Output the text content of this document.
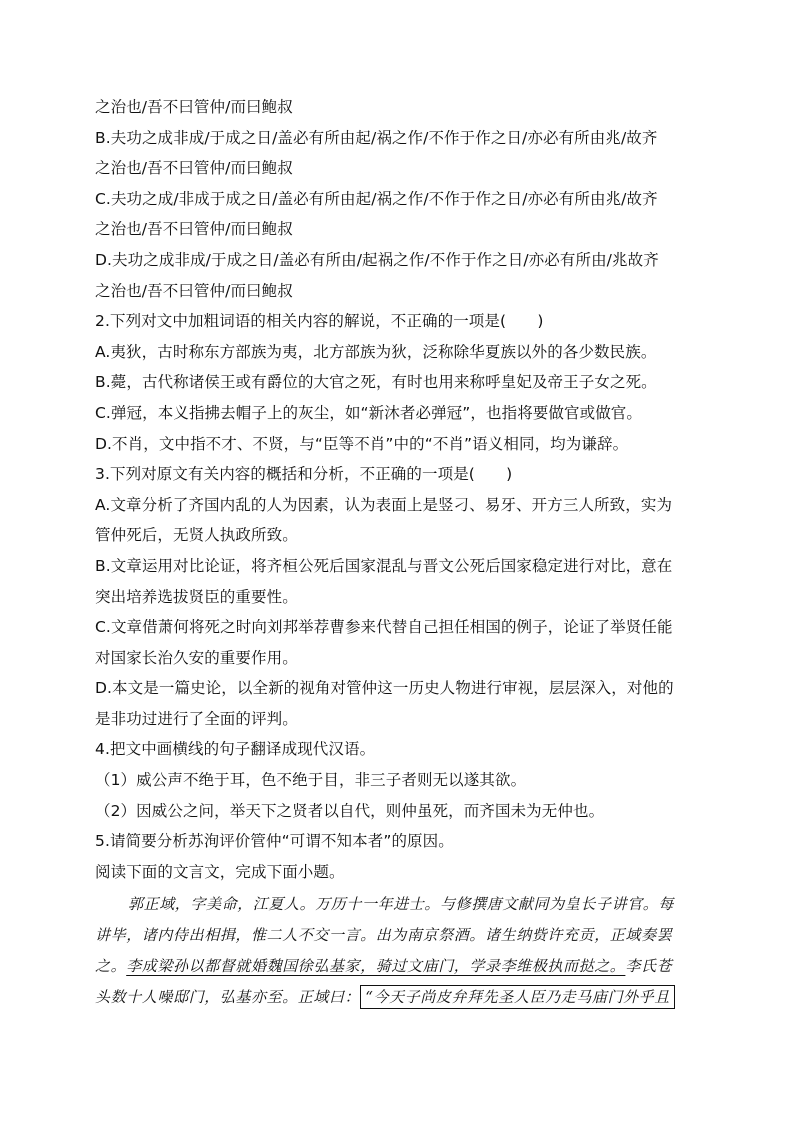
之治也/吾不曰管仲/而曰鲍叔
B.夫功之成非成/于成之日/盖必有所由起/祸之作/不作于作之日/亦必有所由兆/故齐
之治也/吾不曰管仲/而曰鲍叔
C.夫功之成/非成于成之日/盖必有所由起/祸之作/不作于作之日/亦必有所由兆/故齐
之治也/吾不曰管仲/而曰鲍叔
D.夫功之成非成/于成之日/盖必有所由/起祸之作/不作于作之日/亦必有所由/兆故齐
之治也/吾不曰管仲/而曰鲍叔
2.下列对文中加粗词语的相关内容的解说，不正确的一项是(　　)
A.夷狄，古时称东方部族为夷，北方部族为狄，泛称除华夏族以外的各少数民族。
B.薨，古代称诸侯王或有爵位的大官之死，有时也用来称呼皇妃及帝王子女之死。
C.弹冠，本义指拂去帽子上的灰尘，如“新沐者必弹冠”，也指将要做官或做官。
D.不肖，文中指不才、不贤，与“臣等不肖”中的“不肖”语义相同，均为谦辞。
3.下列对原文有关内容的概括和分析，不正确的一项是(　　)
A.文章分析了齐国内乱的人为因素，认为表面上是竖刁、易牙、开方三人所致，实为
管仲死后，无贤人执政所致。
B.文章运用对比论证，将齐桓公死后国家混乱与晋文公死后国家稳定进行对比，意在
突出培养选拔贤臣的重要性。
C.文章借萧何将死之时向刘邦举荐曹参来代替自己担任相国的例子，论证了举贤任能
对国家长治久安的重要作用。
D.本文是一篇史论，以全新的视角对管仲这一历史人物进行审视，层层深入，对他的
是非功过进行了全面的评判。
4.把文中画横线的句子翻译成现代汉语。
（1）威公声不绝于耳，色不绝于目，非三子者则无以遂其欲。
（2）因威公之问，举天下之贤者以自代，则仲虽死，而齐国未为无仲也。
5.请简要分析苏洵评价管仲“可谓不知本者”的原因。
阅读下面的文言文，完成下面小题。
郭正域，字美命，江夏人。万历十一年进士。与修撰唐文献同为皇长子讲官。每
讲毕，诸内侍出相揖，惟二人不交一言。出为南京祭酒。诸生纳赀许充贡，正域奏罢
之。李成梁孙以都督就婚魏国徐弘基家，骑过文庙门，学录李维极执而挞之。李氏苍
头数十人噪邸门，弘基亦至。正域曰： “今天子尚皮弁拜先圣人臣乃走马庙门外乎且
